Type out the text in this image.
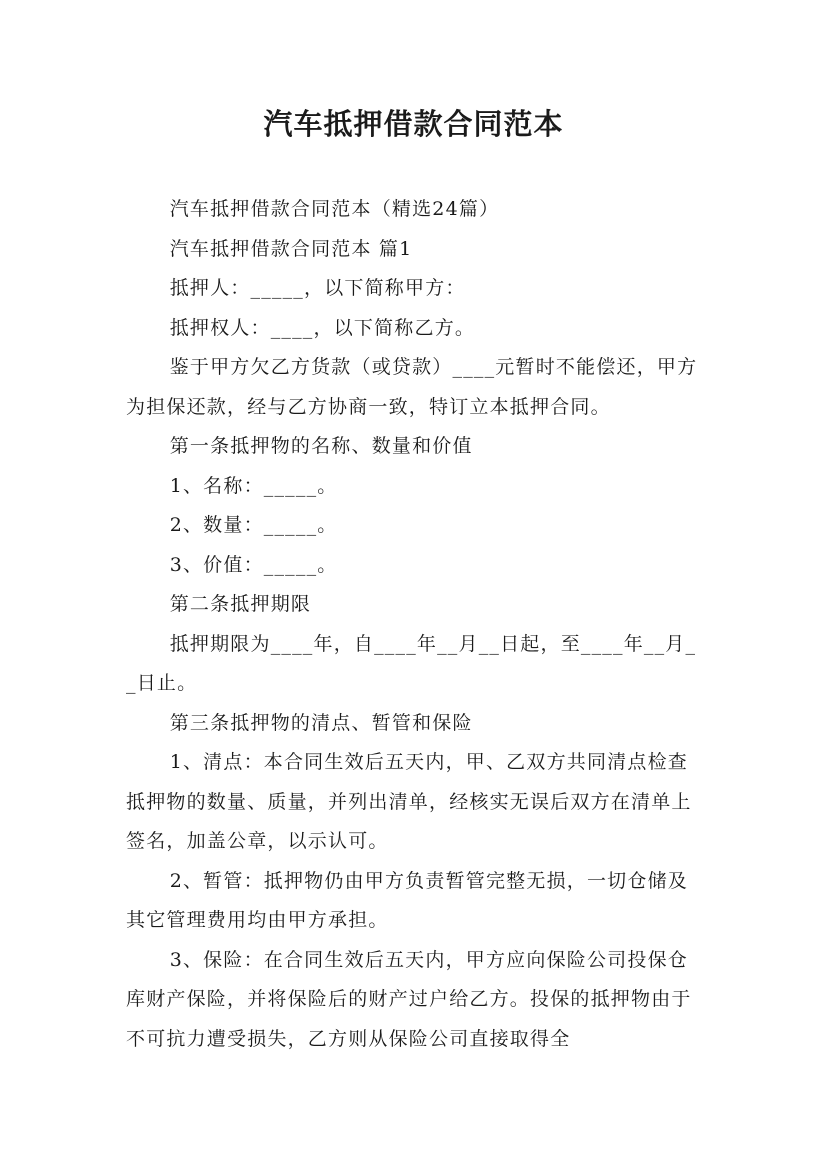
汽车抵押借款合同范本

汽车抵押借款合同范本（精选24篇）

汽车抵押借款合同范本 篇1

抵押人：_____，以下简称甲方：

抵押权人：____，以下简称乙方。

鉴于甲方欠乙方货款（或贷款）____元暂时不能偿还，甲方为担保还款，经与乙方协商一致，特订立本抵押合同。

第一条抵押物的名称、数量和价值

1、名称：_____。

2、数量：_____。

3、价值：_____。

第二条抵押期限

抵押期限为____年，自____年__月__日起，至____年__月__日止。

第三条抵押物的清点、暂管和保险

1、清点：本合同生效后五天内，甲、乙双方共同清点检查抵押物的数量、质量，并列出清单，经核实无误后双方在清单上签名，加盖公章，以示认可。

2、暂管：抵押物仍由甲方负责暂管完整无损，一切仓储及其它管理费用均由甲方承担。

3、保险：在合同生效后五天内，甲方应向保险公司投保仓库财产保险，并将保险后的财产过户给乙方。投保的抵押物由于不可抗力遭受损失，乙方则从保险公司直接取得全
